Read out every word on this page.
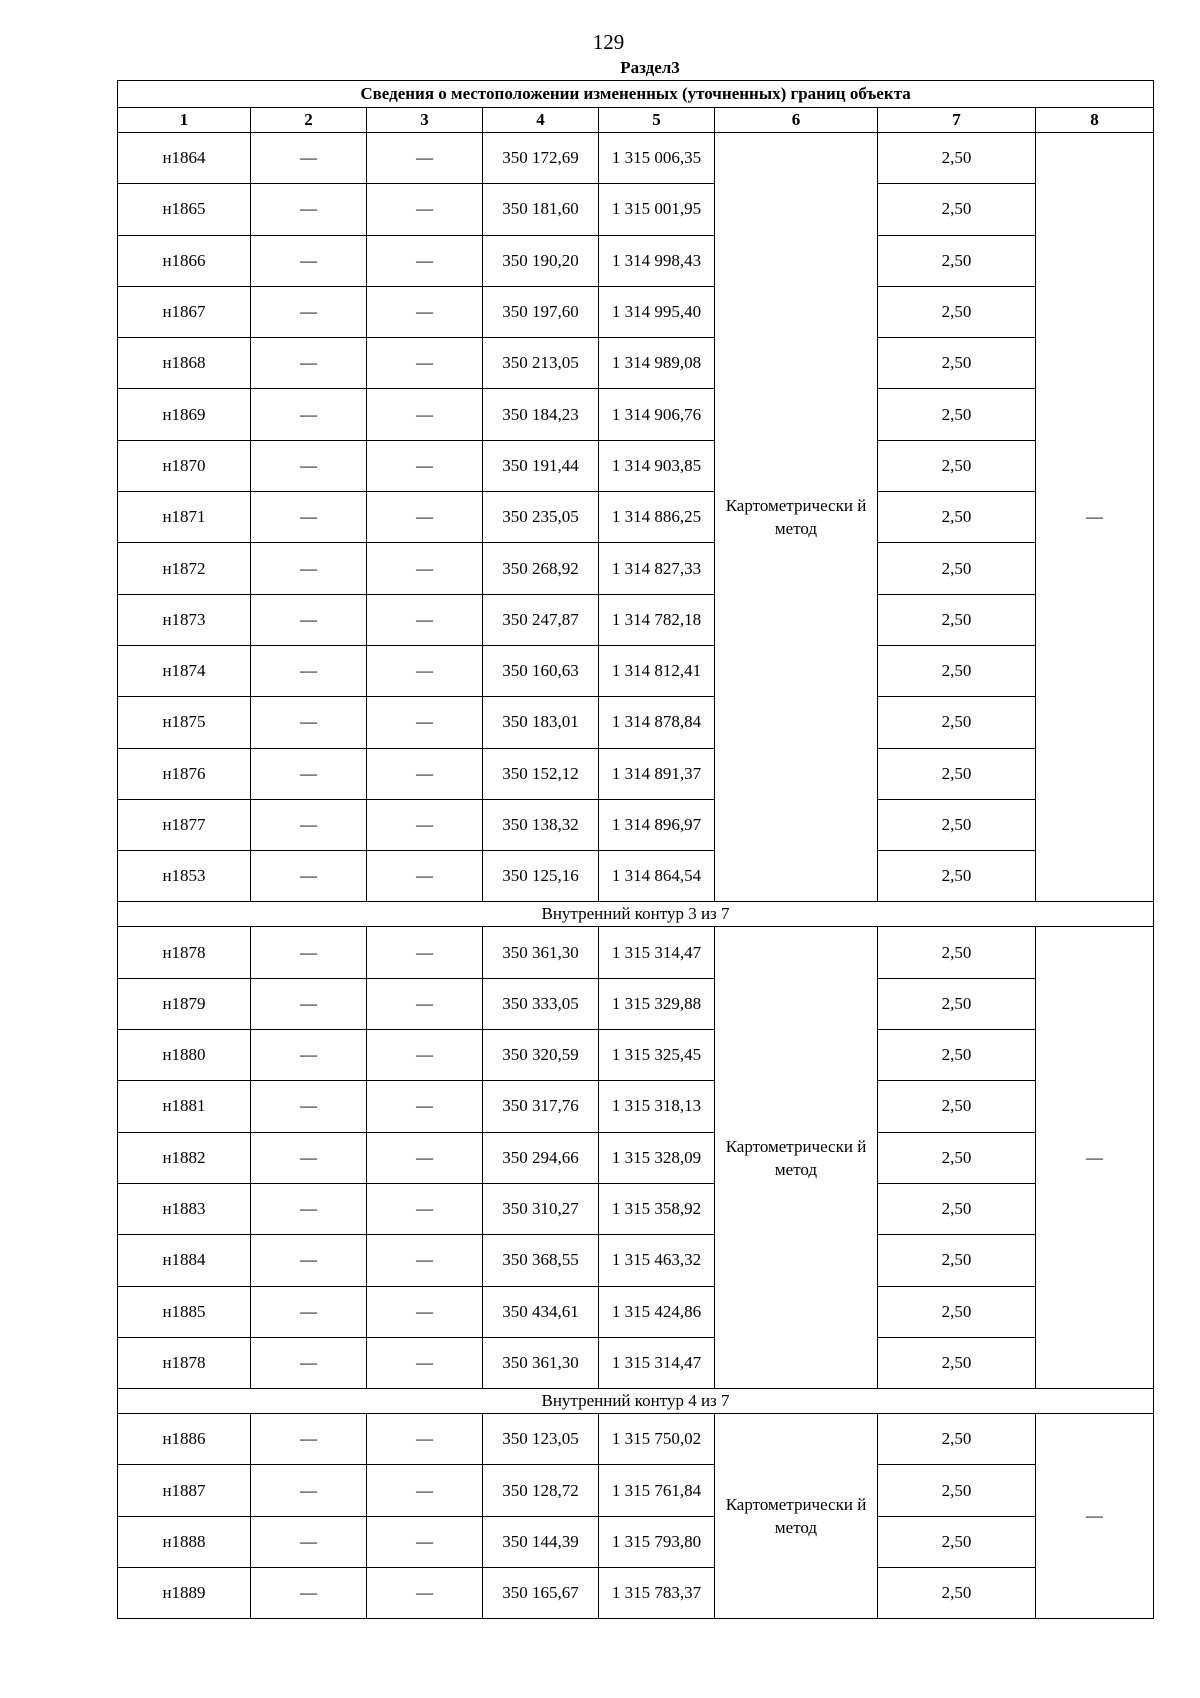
129
Раздел3
Сведения о местоположении измененных (уточненных) границ объекта							
1	2	3	4	5	6	7	8
н1864	—	—	350 172,69	1 315 006,35	Картометрически й метод	2,50	—
н1865	—	—	350 181,60	1 315 001,95		2,50	
н1866	—	—	350 190,20	1 314 998,43		2,50	
н1867	—	—	350 197,60	1 314 995,40		2,50	
н1868	—	—	350 213,05	1 314 989,08		2,50	
н1869	—	—	350 184,23	1 314 906,76		2,50	
н1870	—	—	350 191,44	1 314 903,85		2,50	
н1871	—	—	350 235,05	1 314 886,25		2,50	
н1872	—	—	350 268,92	1 314 827,33		2,50	
н1873	—	—	350 247,87	1 314 782,18		2,50	
н1874	—	—	350 160,63	1 314 812,41		2,50	
н1875	—	—	350 183,01	1 314 878,84		2,50	
н1876	—	—	350 152,12	1 314 891,37		2,50	
н1877	—	—	350 138,32	1 314 896,97		2,50	
н1853	—	—	350 125,16	1 314 864,54		2,50	
Внутренний контур 3 из 7							
н1878	—	—	350 361,30	1 315 314,47	Картометрически й метод	2,50	—
н1879	—	—	350 333,05	1 315 329,88		2,50	
н1880	—	—	350 320,59	1 315 325,45		2,50	
н1881	—	—	350 317,76	1 315 318,13		2,50	
н1882	—	—	350 294,66	1 315 328,09		2,50	
н1883	—	—	350 310,27	1 315 358,92		2,50	
н1884	—	—	350 368,55	1 315 463,32		2,50	
н1885	—	—	350 434,61	1 315 424,86		2,50	
н1878	—	—	350 361,30	1 315 314,47		2,50	
Внутренний контур 4 из 7							
н1886	—	—	350 123,05	1 315 750,02	Картометрически й метод	2,50	—
н1887	—	—	350 128,72	1 315 761,84		2,50	
н1888	—	—	350 144,39	1 315 793,80		2,50	
н1889	—	—	350 165,67	1 315 783,37		2,50	
